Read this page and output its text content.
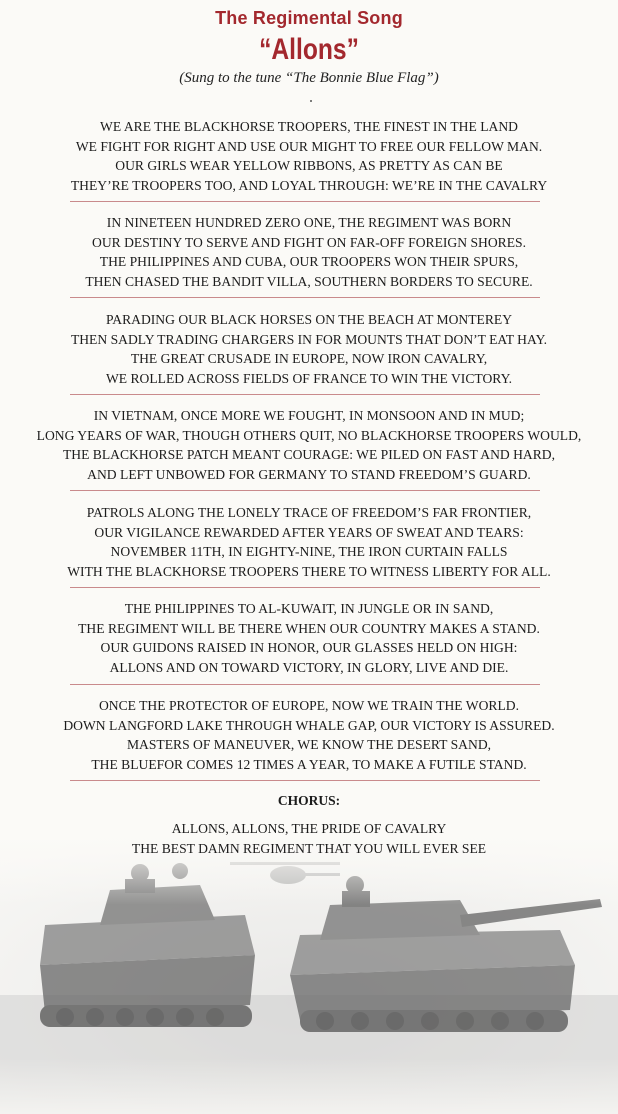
The Regimental Song
“Allons”
(Sung to the tune “The Bonnie Blue Flag”)
WE ARE THE BLACKHORSE TROOPERS, THE FINEST IN THE LAND
WE FIGHT FOR RIGHT AND USE OUR MIGHT TO FREE OUR FELLOW MAN.
OUR GIRLS WEAR YELLOW RIBBONS, AS PRETTY AS CAN BE
THEY’RE TROOPERS TOO, AND LOYAL THROUGH: WE’RE IN THE CAVALRY
IN NINETEEN HUNDRED ZERO ONE, THE REGIMENT WAS BORN
OUR DESTINY TO SERVE AND FIGHT ON FAR-OFF FOREIGN SHORES.
THE PHILIPPINES AND CUBA, OUR TROOPERS WON THEIR SPURS,
THEN CHASED THE BANDIT VILLA, SOUTHERN BORDERS TO SECURE.
PARADING OUR BLACK HORSES ON THE BEACH AT MONTEREY
THEN SADLY TRADING CHARGERS IN FOR MOUNTS THAT DON’T EAT HAY.
THE GREAT CRUSADE IN EUROPE, NOW IRON CAVALRY,
WE ROLLED ACROSS FIELDS OF FRANCE TO WIN THE VICTORY.
IN VIETNAM, ONCE MORE WE FOUGHT, IN MONSOON AND IN MUD;
LONG YEARS OF WAR, THOUGH OTHERS QUIT, NO BLACKHORSE TROOPERS WOULD,
THE BLACKHORSE PATCH MEANT COURAGE: WE PILED ON FAST AND HARD,
AND LEFT UNBOWED FOR GERMANY TO STAND FREEDOM’S GUARD.
PATROLS ALONG THE LONELY TRACE OF FREEDOM’S FAR FRONTIER,
OUR VIGILANCE REWARDED AFTER YEARS OF SWEAT AND TEARS:
NOVEMBER 11TH, IN EIGHTY-NINE, THE IRON CURTAIN FALLS
WITH THE BLACKHORSE TROOPERS THERE TO WITNESS LIBERTY FOR ALL.
THE PHILIPPINES TO AL-KUWAIT, IN JUNGLE OR IN SAND,
THE REGIMENT WILL BE THERE WHEN OUR COUNTRY MAKES A STAND.
OUR GUIDONS RAISED IN HONOR, OUR GLASSES HELD ON HIGH:
ALLONS AND ON TOWARD VICTORY, IN GLORY, LIVE AND DIE.
ONCE THE PROTECTOR OF EUROPE, NOW WE TRAIN THE WORLD.
DOWN LANGFORD LAKE THROUGH WHALE GAP, OUR VICTORY IS ASSURED.
MASTERS OF MANEUVER, WE KNOW THE DESERT SAND,
THE BLUEFOR COMES 12 TIMES A YEAR, TO MAKE A FUTILE STAND.
CHORUS:
ALLONS, ALLONS, THE PRIDE OF CAVALRY
THE BEST DAMN REGIMENT THAT YOU WILL EVER SEE
